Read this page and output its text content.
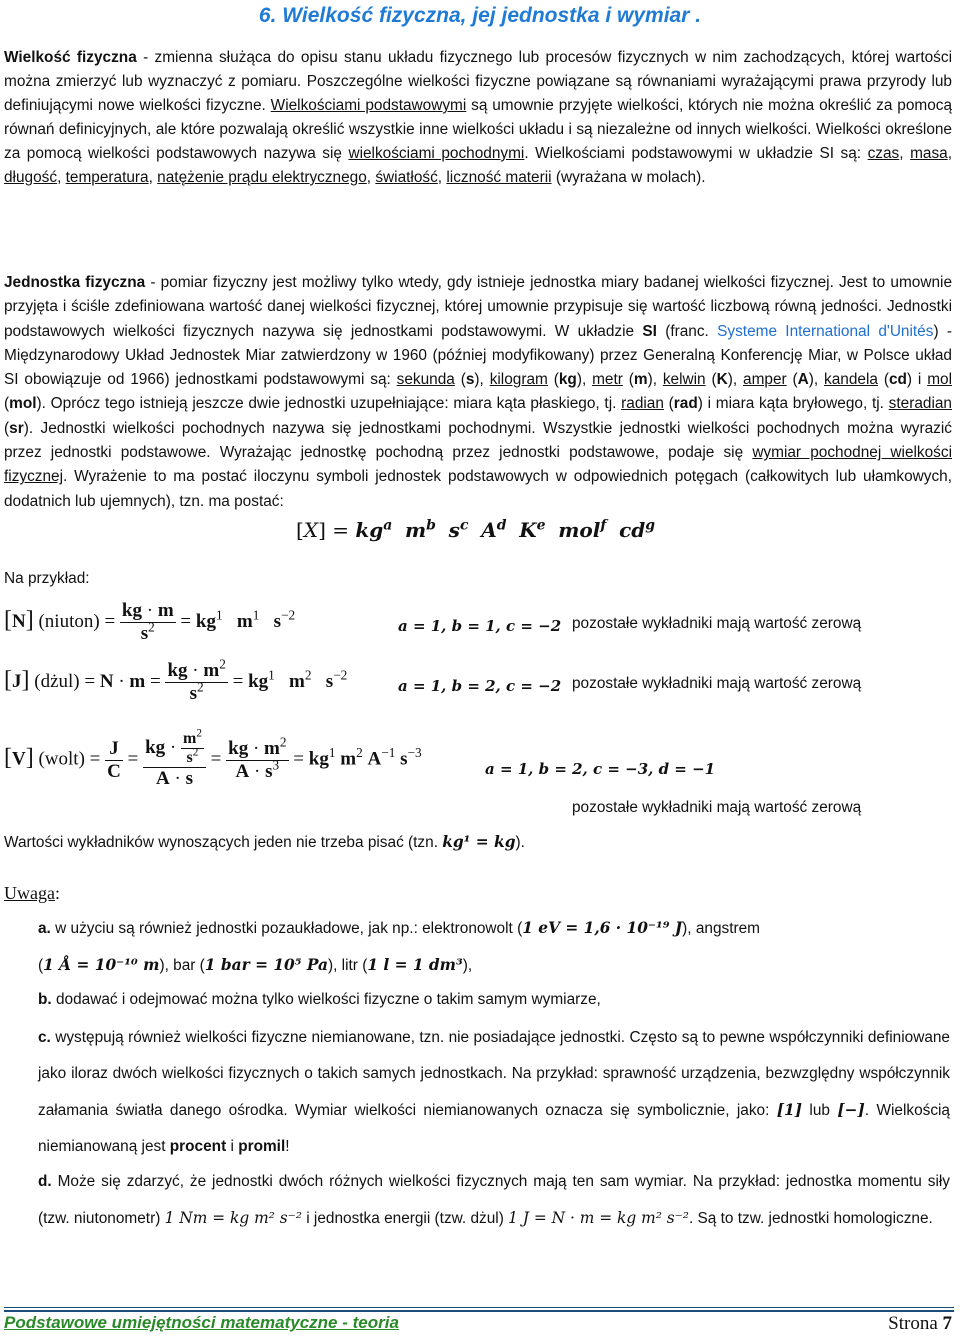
6. Wielkość fizyczna, jej jednostka i wymiar .

Wielkość fizyczna - zmienna służąca do opisu stanu układu fizycznego lub procesów fizycznych w nim zachodzących, której wartości można zmierzyć lub wyznaczyć z pomiaru. Poszczególne wielkości fizyczne powiązane są równaniami wyrażającymi prawa przyrody lub definiującymi nowe wielkości fizyczne. Wielkościami podstawowymi są umownie przyjęte wielkości, których nie można określić za pomocą równań definicyjnych, ale które pozwalają określić wszystkie inne wielkości układu i są niezależne od innych wielkości. Wielkości określone za pomocą wielkości podstawowych nazywa się wielkościami pochodnymi. Wielkościami podstawowymi w układzie SI są: czas, masa, długość, temperatura, natężenie prądu elektrycznego, światłość, liczność materii (wyrażana w molach).

Jednostka fizyczna - pomiar fizyczny jest możliwy tylko wtedy, gdy istnieje jednostka miary badanej wielkości fizycznej. Jest to umownie przyjęta i ściśle zdefiniowana wartość danej wielkości fizycznej, której umownie przypisuje się wartość liczbową równą jedności. Jednostki podstawowych wielkości fizycznych nazywa się jednostkami podstawowymi. W układzie SI (franc. Systeme International d'Unités) - Międzynarodowy Układ Jednostek Miar zatwierdzony w 1960 (później modyfikowany) przez Generalną Konferencję Miar, w Polsce układ SI obowiązuje od 1966) jednostkami podstawowymi są: sekunda (s), kilogram (kg), metr (m), kelwin (K), amper (A), kandela (cd) i mol (mol). Oprócz tego istnieją jeszcze dwie jednostki uzupełniające: miara kąta płaskiego, tj. radian (rad) i miara kąta bryłowego, tj. steradian (sr). Jednostki wielkości pochodnych nazywa się jednostkami pochodnymi. Wszystkie jednostki wielkości pochodnych można wyrazić przez jednostki podstawowe. Wyrażając jednostkę pochodną przez jednostki podstawowe, podaje się wymiar pochodnej wielkości fizycznej. Wyrażenie to ma postać iloczynu symboli jednostek podstawowych w odpowiednich potęgach (całkowitych lub ułamkowych, dodatnich lub ujemnych), tzn. ma postać:

$[X] = kg^a$ $m^b$ $s^c$ $A^d$ $K^e$ mol$^f$ $cd^g$
Na przykład:
[N] (niuton) = $\frac{kg \cdot m}{s^2} = kg^1$ $m^1$ $s^{-2}$
a = 1, b = 1, c = −2 pozostałe wykładniki mają wartość zerową
[J] (dżul) = $N \cdot m = \frac{kg \cdot m^2}{s^2} = kg^1$ $m^2$ $s^{-2}$
a = 1, b = 2, c = −2 pozostałe wykładniki mają wartość zerową
[V] (wolt) = $\frac{J}{C} = \frac{kg \cdot \frac{m^2}{s^2}}{A \cdot s} = \frac{kg \cdot m^2}{A \cdot s^3} = kg^1$ $m^2$ $A^{-1}$ $s^{-3}$
a = 1, b = 2, c = −3, d = −1
pozostałe wykładniki mają wartość zerową
Wartości wykładników wynoszących jeden nie trzeba pisać (tzn. kg¹ = kg).
Uwaga:
a. w użyciu są również jednostki pozaukładowe, jak np.: elektronowolt (1 eV = 1,6 · 10⁻¹⁹ J), angstrem
(1 Å = 10⁻¹⁰ m), bar (1 bar = 10⁵ Pa), litr (1 l = 1 dm³),
b. dodawać i odejmować można tylko wielkości fizyczne o takim samym wymiarze,
c. występują również wielkości fizyczne niemianowane, tzn. nie posiadające jednostki. Często są to pewne współczynniki definiowane jako iloraz dwóch wielkości fizycznych o takich samych jednostkach. Na przykład: sprawność urządzenia, bezwzględny współczynnik załamania światła danego ośrodka. Wymiar wielkości niemianowanych oznacza się symbolicznie, jako: [1] lub [−]. Wielkością niemianowaną jest procent i promil!
d. Może się zdarzyć, że jednostki dwóch różnych wielkości fizycznych mają ten sam wymiar. Na przykład: jednostka momentu siły (tzw. niutonometr) 1 Nm = kg m² s⁻² i jednostka energii (tzw. dżul) 1 J = N · m = kg m² s⁻². Są to tzw. jednostki homologiczne.
Podstawowe umiejętności matematyczne - teoria	Strona 7
